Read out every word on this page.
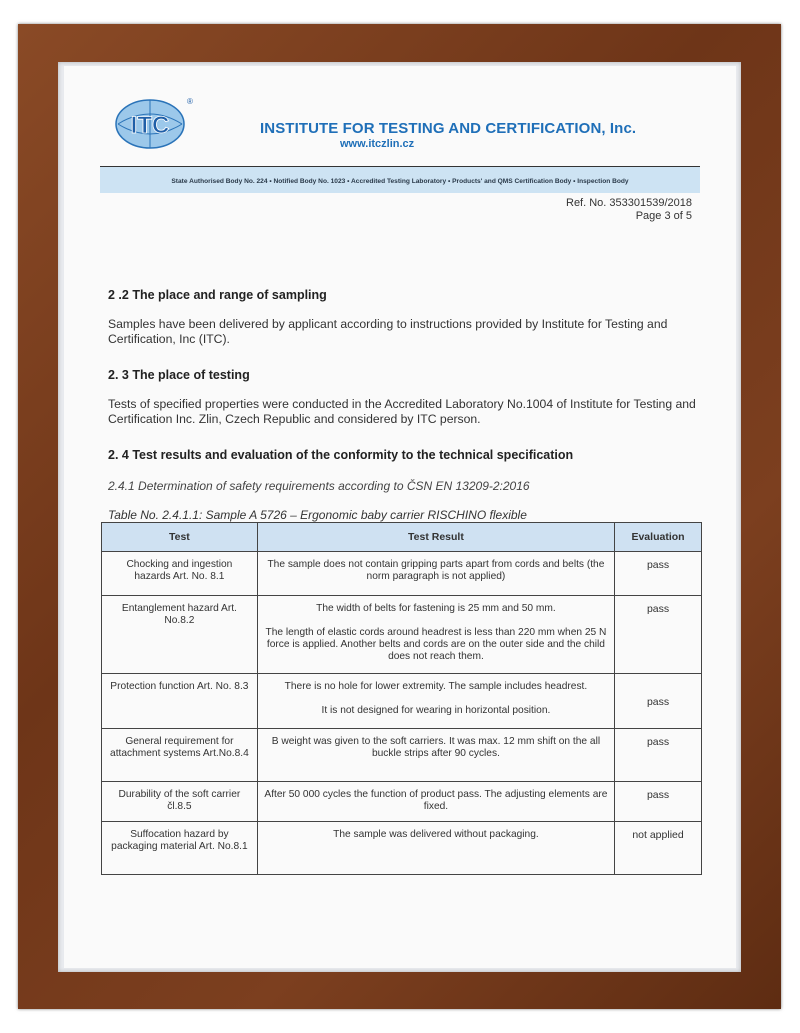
ITC
®
INSTITUTE FOR TESTING AND CERTIFICATION, Inc.
www.itczlin.cz
State Authorised Body No. 224 • Notified Body No. 1023 • Accredited Testing Laboratory • Products' and QMS Certification Body • Inspection Body
Ref. No. 353301539/2018
Page 3 of 5
2 .2 The place and range of sampling
Samples have been delivered by applicant according to instructions provided by Institute for Testing and Certification, Inc (ITC).
2. 3 The place of testing
Tests of specified properties were conducted in the Accredited Laboratory No.1004 of Institute for Testing and Certification Inc. Zlin, Czech Republic and considered by ITC person.
2. 4 Test results and evaluation of the conformity to the technical specification
2.4.1 Determination of safety requirements according to ČSN EN 13209-2:2016
Table No. 2.4.1.1: Sample A 5726 – Ergonomic baby carrier RISCHINO flexible
Test	Test Result	Evaluation
Chocking and ingestion hazards Art. No. 8.1	The sample does not contain gripping parts apart from cords and belts (the norm paragraph is not applied)	pass
Entanglement hazard Art. No.8.2	The width of belts for fastening is 25 mm and 50 mm.
The length of elastic cords around headrest is less than 220 mm when 25 N force is applied. Another belts and cords are on the outer side and the child does not reach them.	pass
Protection function Art. No. 8.3	There is no hole for lower extremity. The sample includes headrest.
It is not designed for wearing in horizontal position.	pass
General requirement for attachment systems Art.No.8.4	B weight was given to the soft carriers. It was max. 12 mm shift on the all buckle strips after 90 cycles.	pass
Durability of the soft carrier čl.8.5	After 50 000 cycles the function of product pass. The adjusting elements are fixed.	pass
Suffocation hazard by packaging material Art. No.8.1	The sample was delivered without packaging.	not applied
